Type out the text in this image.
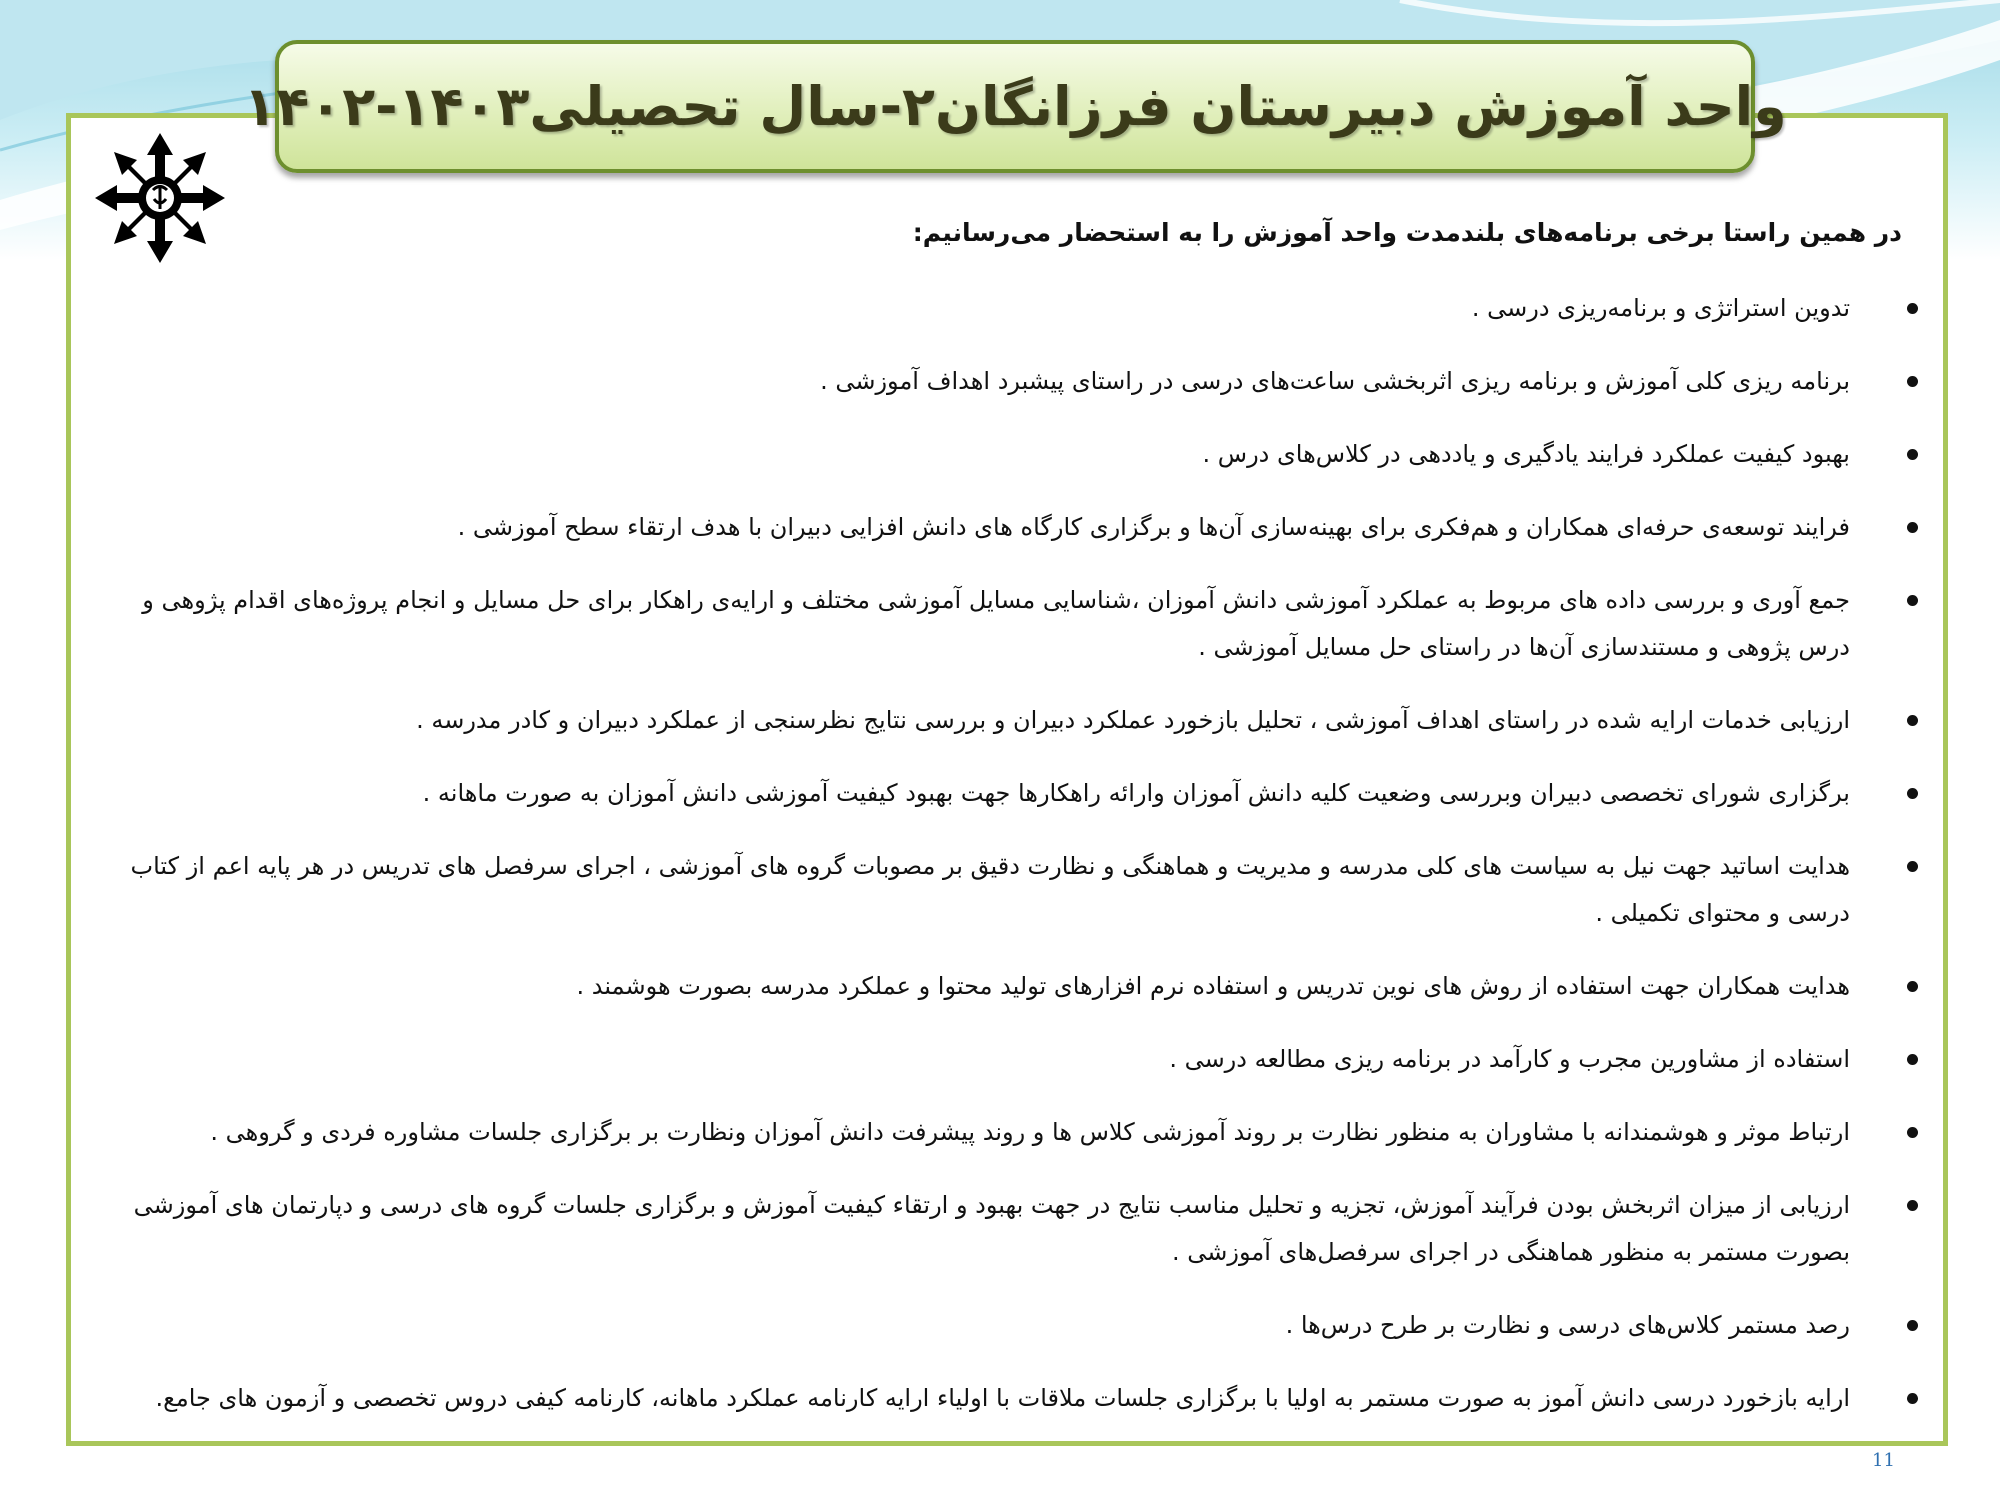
واحد آموزش دبیرستان فرزانگان۲-سال تحصیلی۱۴۰۳-۱۴۰۲
در همین راستا برخی برنامه‌های بلندمدت واحد آموزش را به استحضار می‌رسانیم:
تدوین استراتژی و برنامه‌ریزی درسی .
برنامه ریزی کلی آموزش و برنامه ریزی اثربخشی ساعت‌های درسی در راستای پیشبرد اهداف آموزشی .
بهبود کیفیت عملکرد فرایند یادگیری و یاددهی در کلاس‌های درس .
فرایند توسعه‌ی حرفه‌ای همکاران و هم‌فکری برای بهینه‌سازی آن‌ها و برگزاری کارگاه های دانش افزایی دبیران با هدف ارتقاء سطح آموزشی .
جمع آوری و بررسی داده های مربوط به عملکرد آموزشی دانش آموزان ،شناسایی مسایل آموزشی مختلف و ارایه‌ی راهکار برای حل مسایل و انجام پروژه‌های اقدام پژوهی و درس پژوهی و مستندسازی آن‌ها در راستای حل مسایل آموزشی .
ارزیابی خدمات ارایه شده در راستای اهداف آموزشی ، تحلیل بازخورد عملکرد دبیران و بررسی نتایج نظرسنجی از عملکرد دبیران و کادر مدرسه .
برگزاری شورای تخصصی دبیران وبررسی وضعیت کلیه دانش آموزان وارائه راهکارها جهت بهبود کیفیت آموزشی دانش آموزان به صورت ماهانه .
هدایت اساتید جهت نیل به سیاست های کلی مدرسه و مدیریت و هماهنگی و نظارت دقیق بر مصوبات گروه های آموزشی ، اجرای سرفصل های تدریس در هر پایه اعم از کتاب درسی و محتوای تکمیلی .
هدایت همکاران جهت استفاده از روش های نوین تدریس و استفاده نرم افزارهای تولید محتوا و عملکرد مدرسه بصورت هوشمند .
استفاده از مشاورین مجرب و کارآمد در برنامه ریزی مطالعه درسی .
ارتباط موثر و هوشمندانه با مشاوران به منظور نظارت بر روند آموزشی کلاس ها و روند پیشرفت دانش آموزان ونظارت بر برگزاری جلسات مشاوره فردی و گروهی .
ارزیابی از میزان اثربخش بودن فرآیند آموزش، تجزیه و تحلیل مناسب نتایج در جهت بهبود و ارتقاء کیفیت آموزش و برگزاری جلسات گروه های درسی و دپارتمان های آموزشی بصورت مستمر به منظور هماهنگی در اجرای سرفصل‌های آموزشی .
رصد مستمر کلاس‌های درسی و نظارت بر طرح درس‌ها .
ارایه بازخورد درسی دانش آموز به صورت مستمر به اولیا با برگزاری جلسات ملاقات با اولیاء ارایه کارنامه عملکرد ماهانه، کارنامه کیفی دروس تخصصی و آزمون های جامع.
11
